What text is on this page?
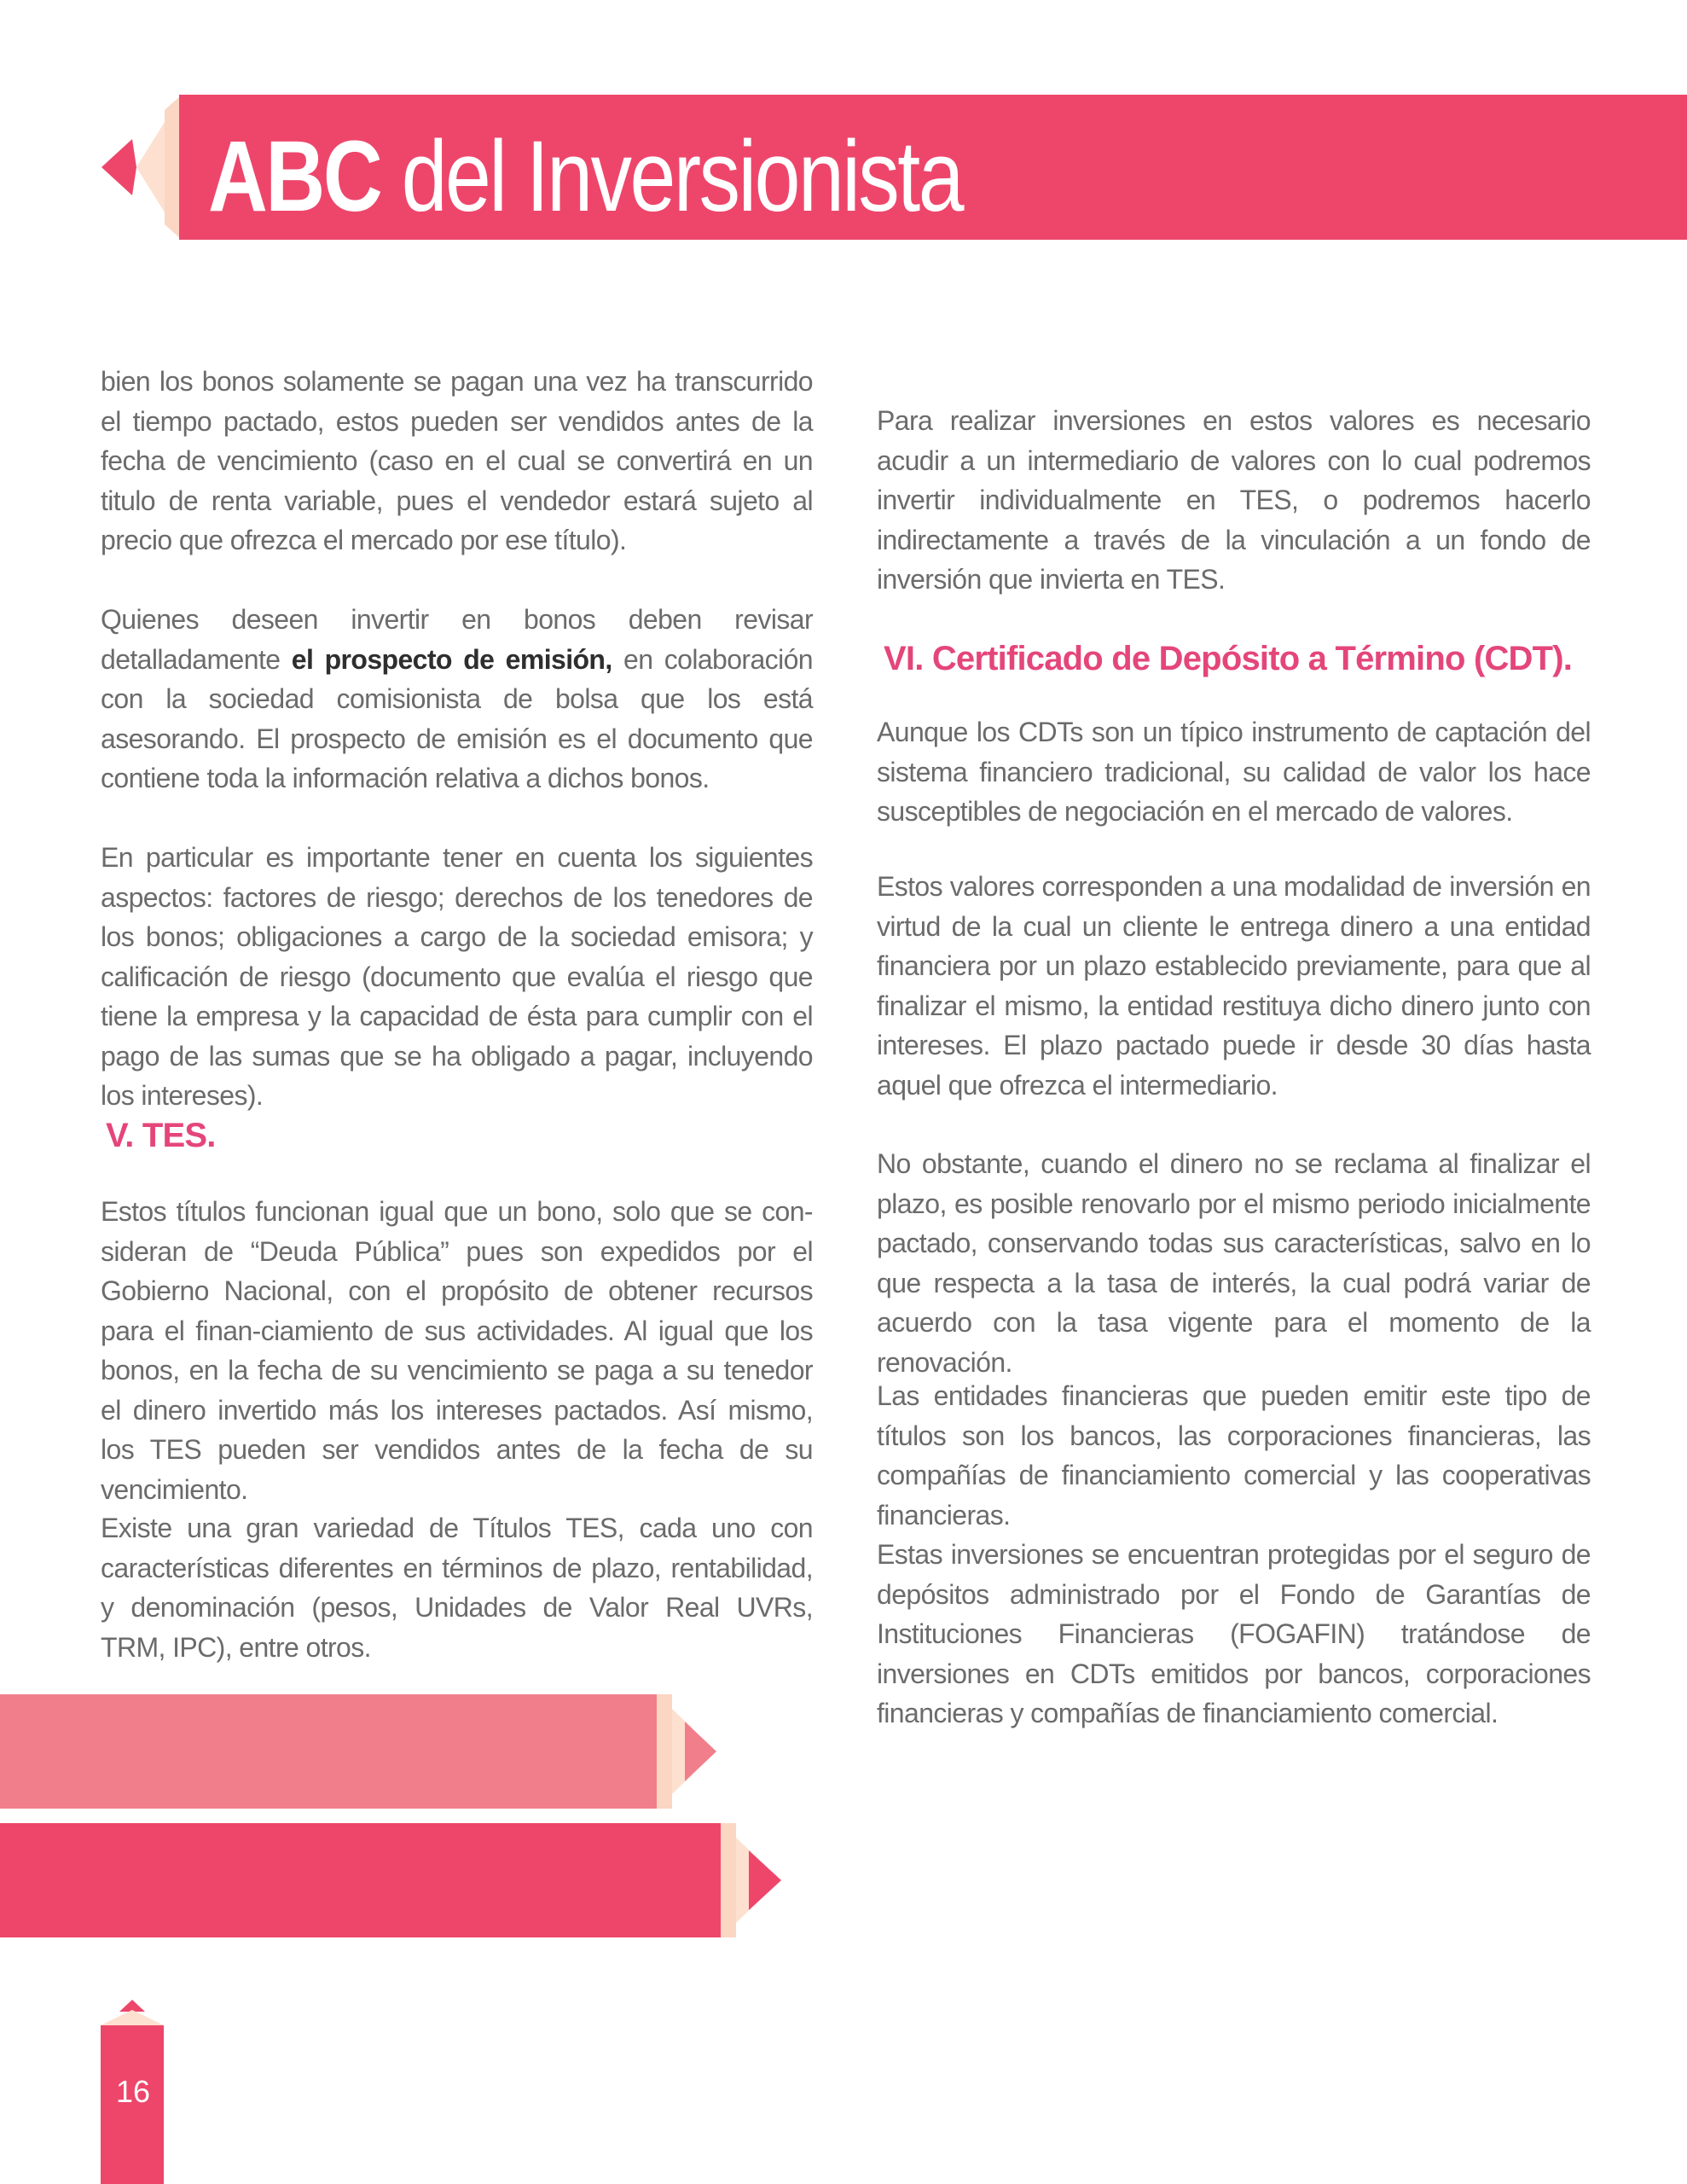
ABC del Inversionista

bien los bonos solamente se pagan una vez ha transcurrido el tiempo pactado, estos pueden ser vendidos antes de la fecha de vencimiento (caso en el cual se convertirá en un titulo de renta variable, pues el vendedor estará sujeto al precio que ofrezca el mercado por ese título).

Quienes deseen invertir en bonos deben revisar detalladamente el prospecto de emisión, en colaboración con la sociedad comisionista de bolsa que los está asesorando. El prospecto de emisión es el documento que contiene toda la información relativa a dichos bonos.

En particular es importante tener en cuenta los siguientes aspectos: factores de riesgo; derechos de los tenedores de los bonos; obligaciones a cargo de la sociedad emisora; y calificación de riesgo (documento que evalúa el riesgo que tiene la empresa y la capacidad de ésta para cumplir con el pago de las sumas que se ha obligado a pagar, incluyendo los intereses).

V. TES.

Estos títulos funcionan igual que un bono, solo que se con-sideran de “Deuda Pública” pues son expedidos por el Gobierno Nacional, con el propósito de obtener recursos para el finan-ciamiento de sus actividades. Al igual que los bonos, en la fecha de su vencimiento se paga a su tenedor el dinero invertido más los intereses pactados. Así mismo, los TES pueden ser vendidos antes de la fecha de su vencimiento.

Existe una gran variedad de Títulos TES, cada uno con características diferentes en términos de plazo, rentabilidad, y denominación (pesos, Unidades de Valor Real UVRs, TRM, IPC), entre otros.

Para realizar inversiones en estos valores es necesario acudir a un intermediario de valores con lo cual podremos invertir individualmente en TES, o podremos hacerlo indirectamente a través de la vinculación a un fondo de inversión que invierta en TES.

VI. Certificado de Depósito a Término (CDT).

Aunque los CDTs son un típico instrumento de captación del sistema financiero tradicional, su calidad de valor los hace susceptibles de negociación en el mercado de valores.

Estos valores corresponden a una modalidad de inversión en virtud de la cual un cliente le entrega dinero a una entidad financiera por un plazo establecido previamente, para que al finalizar el mismo, la entidad restituya dicho dinero junto con intereses. El plazo pactado puede ir desde 30 días hasta aquel que ofrezca el intermediario.

No obstante, cuando el dinero no se reclama al finalizar el plazo, es posible renovarlo por el mismo periodo inicialmente pactado, conservando todas sus características, salvo en lo que respecta a la tasa de interés, la cual podrá variar de acuerdo con la tasa vigente para el momento de la renovación.

Las entidades financieras que pueden emitir este tipo de títulos son los bancos, las corporaciones financieras, las compañías de financiamiento comercial y las cooperativas financieras.

Estas inversiones se encuentran protegidas por el seguro de depósitos administrado por el Fondo de Garantías de Instituciones Financieras (FOGAFIN) tratándose de inversiones en CDTs emitidos por bancos, corporaciones financieras y compañías de financiamiento comercial.

16
